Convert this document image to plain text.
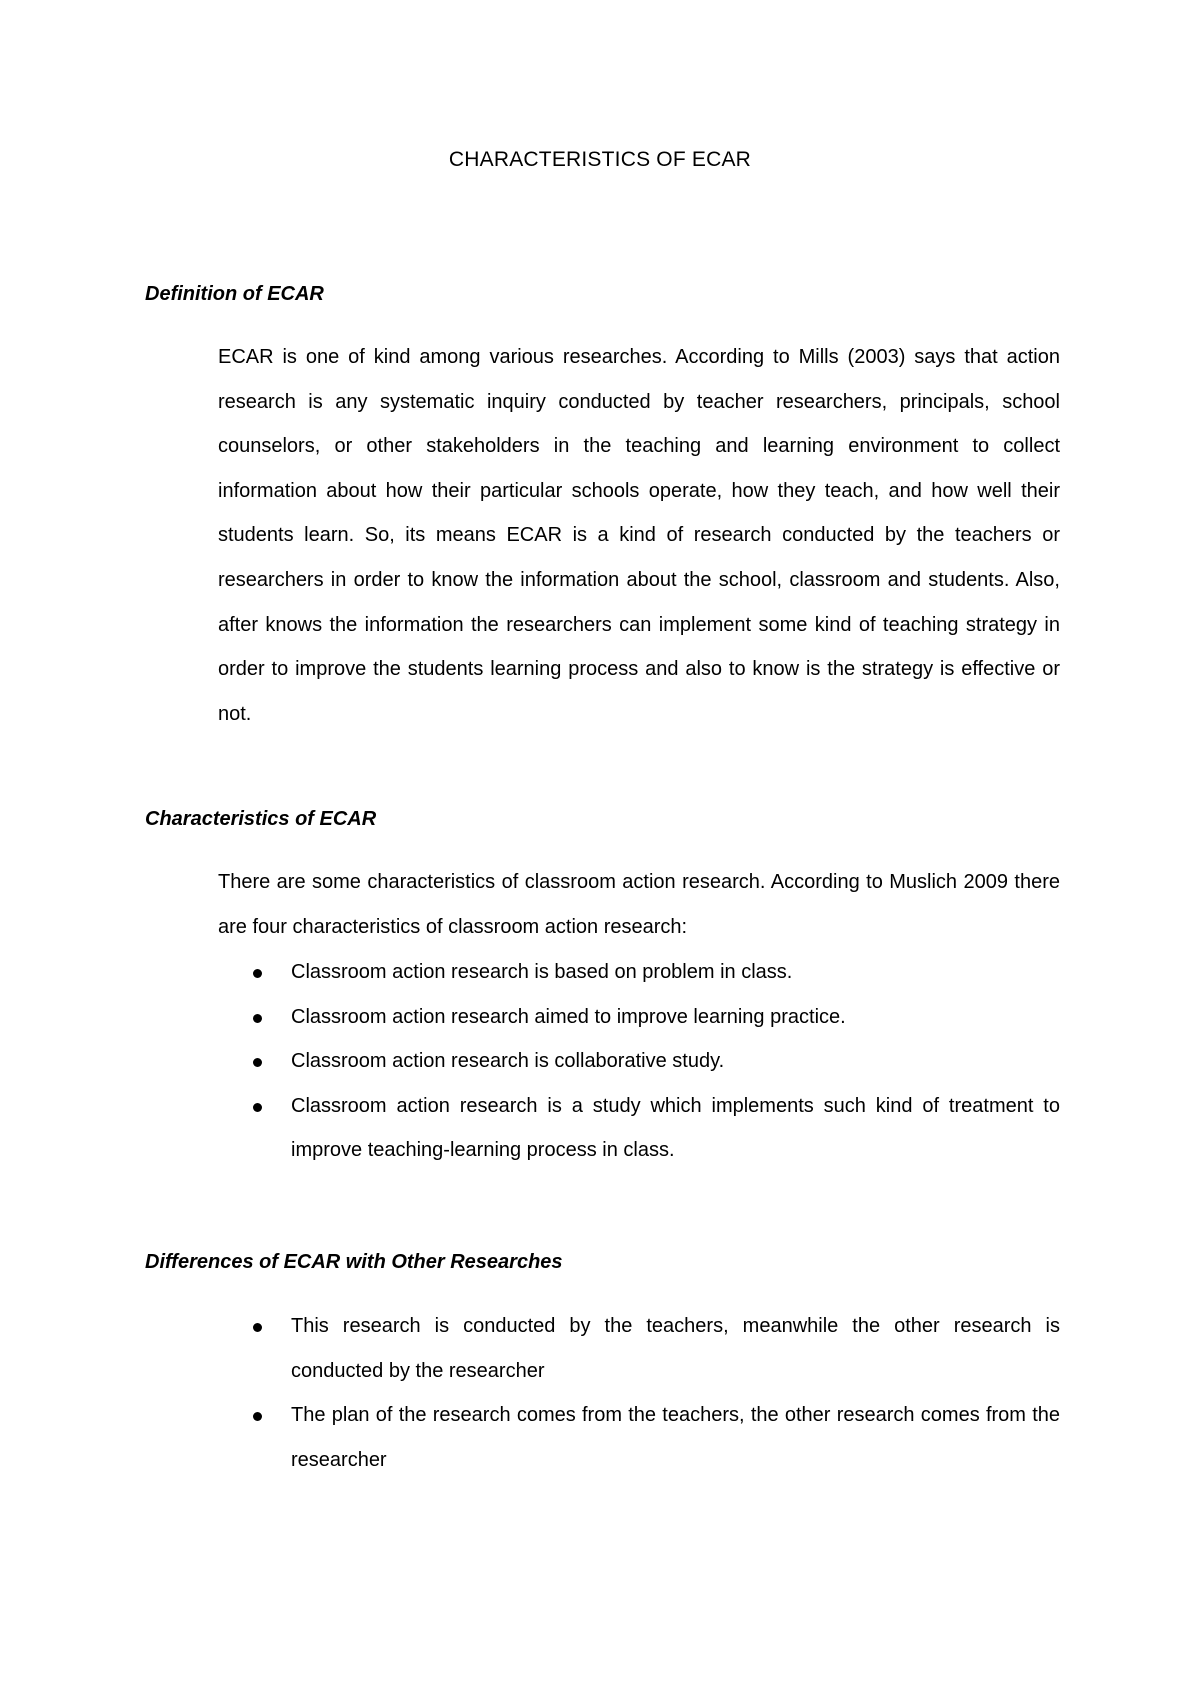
CHARACTERISTICS OF ECAR
Definition of ECAR

ECAR is one of kind among various researches. According to Mills (2003) says that action research is any systematic inquiry conducted by teacher researchers, principals, school counselors, or other stakeholders in the teaching and learning environment to collect information about how their particular schools operate, how they teach, and how well their students learn. So, its means ECAR is a kind of research conducted by the teachers or researchers in order to know the information about the school, classroom and students. Also, after knows the information the researchers can implement some kind of teaching strategy in order to improve the students learning process and also to know is the strategy is effective or not.

Characteristics of ECAR

There are some characteristics of classroom action research. According to Muslich 2009 there are four characteristics of classroom action research:

Classroom action research is based on problem in class.
Classroom action research aimed to improve learning practice.
Classroom action research is collaborative study.
Classroom action research is a study which implements such kind of treatment to improve teaching-learning process in class.
Differences of ECAR with Other Researches
This research is conducted by the teachers, meanwhile the other research is conducted by the researcher
The plan of the research comes from the teachers, the other research comes from the researcher
